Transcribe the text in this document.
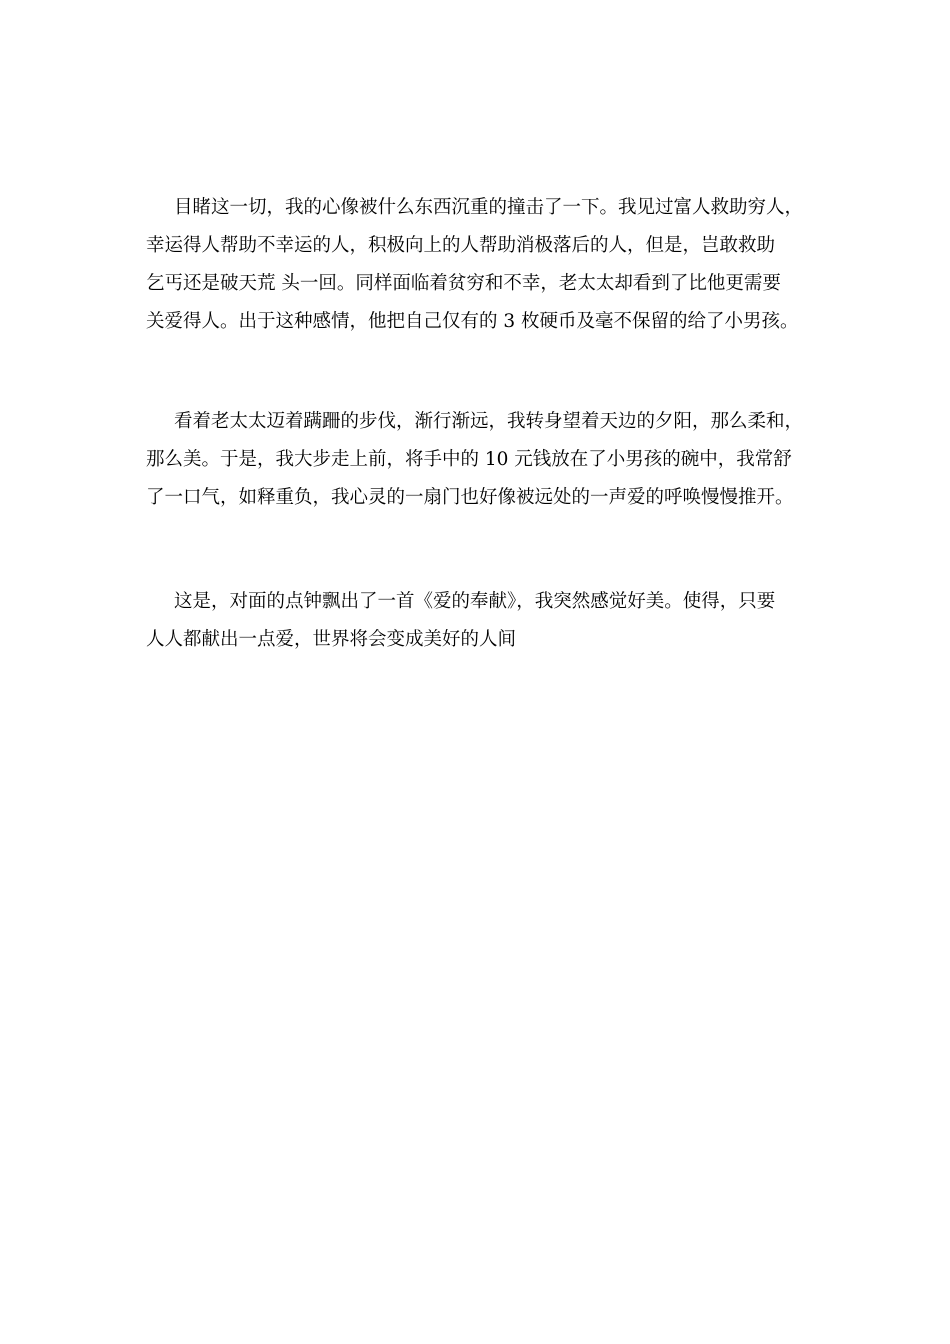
目睹这一切，我的心像被什么东西沉重的撞击了一下。我见过富人救助穷人，
幸运得人帮助不幸运的人，积极向上的人帮助消极落后的人，但是，岂敢救助
乞丐还是破天荒 头一回。同样面临着贫穷和不幸，老太太却看到了比他更需要
关爱得人。出于这种感情，他把自己仅有的 3 枚硬币及毫不保留的给了小男孩。
看着老太太迈着蹒跚的步伐，渐行渐远，我转身望着天边的夕阳，那么柔和，
那么美。于是，我大步走上前，将手中的 10 元钱放在了小男孩的碗中，我常舒
了一口气，如释重负，我心灵的一扇门也好像被远处的一声爱的呼唤慢慢推开。
这是，对面的点钟飘出了一首《爱的奉献》，我突然感觉好美。使得，只要
人人都献出一点爱，世界将会变成美好的人间
